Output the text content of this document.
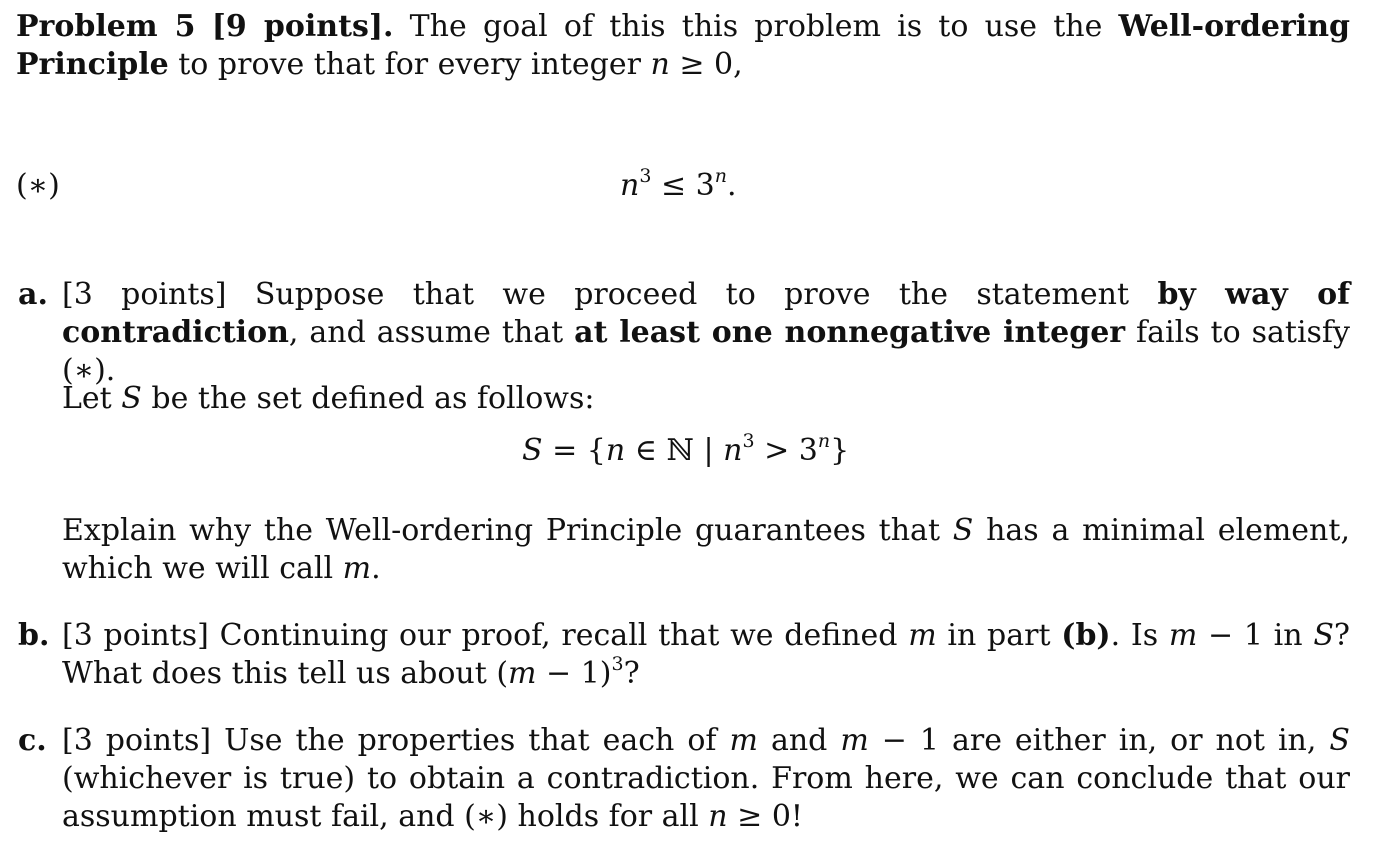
Problem 5 [9 points]. The goal of this this problem is to use the Well-ordering Principle to prove that for every integer n ≥ 0,
(∗)	$n^3 \le 3^n$.
a. [3 points] Suppose that we proceed to prove the statement by way of contradiction, and assume that at least one nonnegative integer fails to satisfy (∗).
Let S be the set defined as follows:
S = {n ∈ ℕ | $n^3 > 3^n$}
Explain why the Well-ordering Principle guarantees that S has a minimal element, which we will call m.
b. [3 points] Continuing our proof, recall that we defined m in part (b). Is m − 1 in S? What does this tell us about $(m - 1)^3$?
c. [3 points] Use the properties that each of m and m − 1 are either in, or not in, S (whichever is true) to obtain a contradiction. From here, we can conclude that our assumption must fail, and (∗) holds for all n ≥ 0!
